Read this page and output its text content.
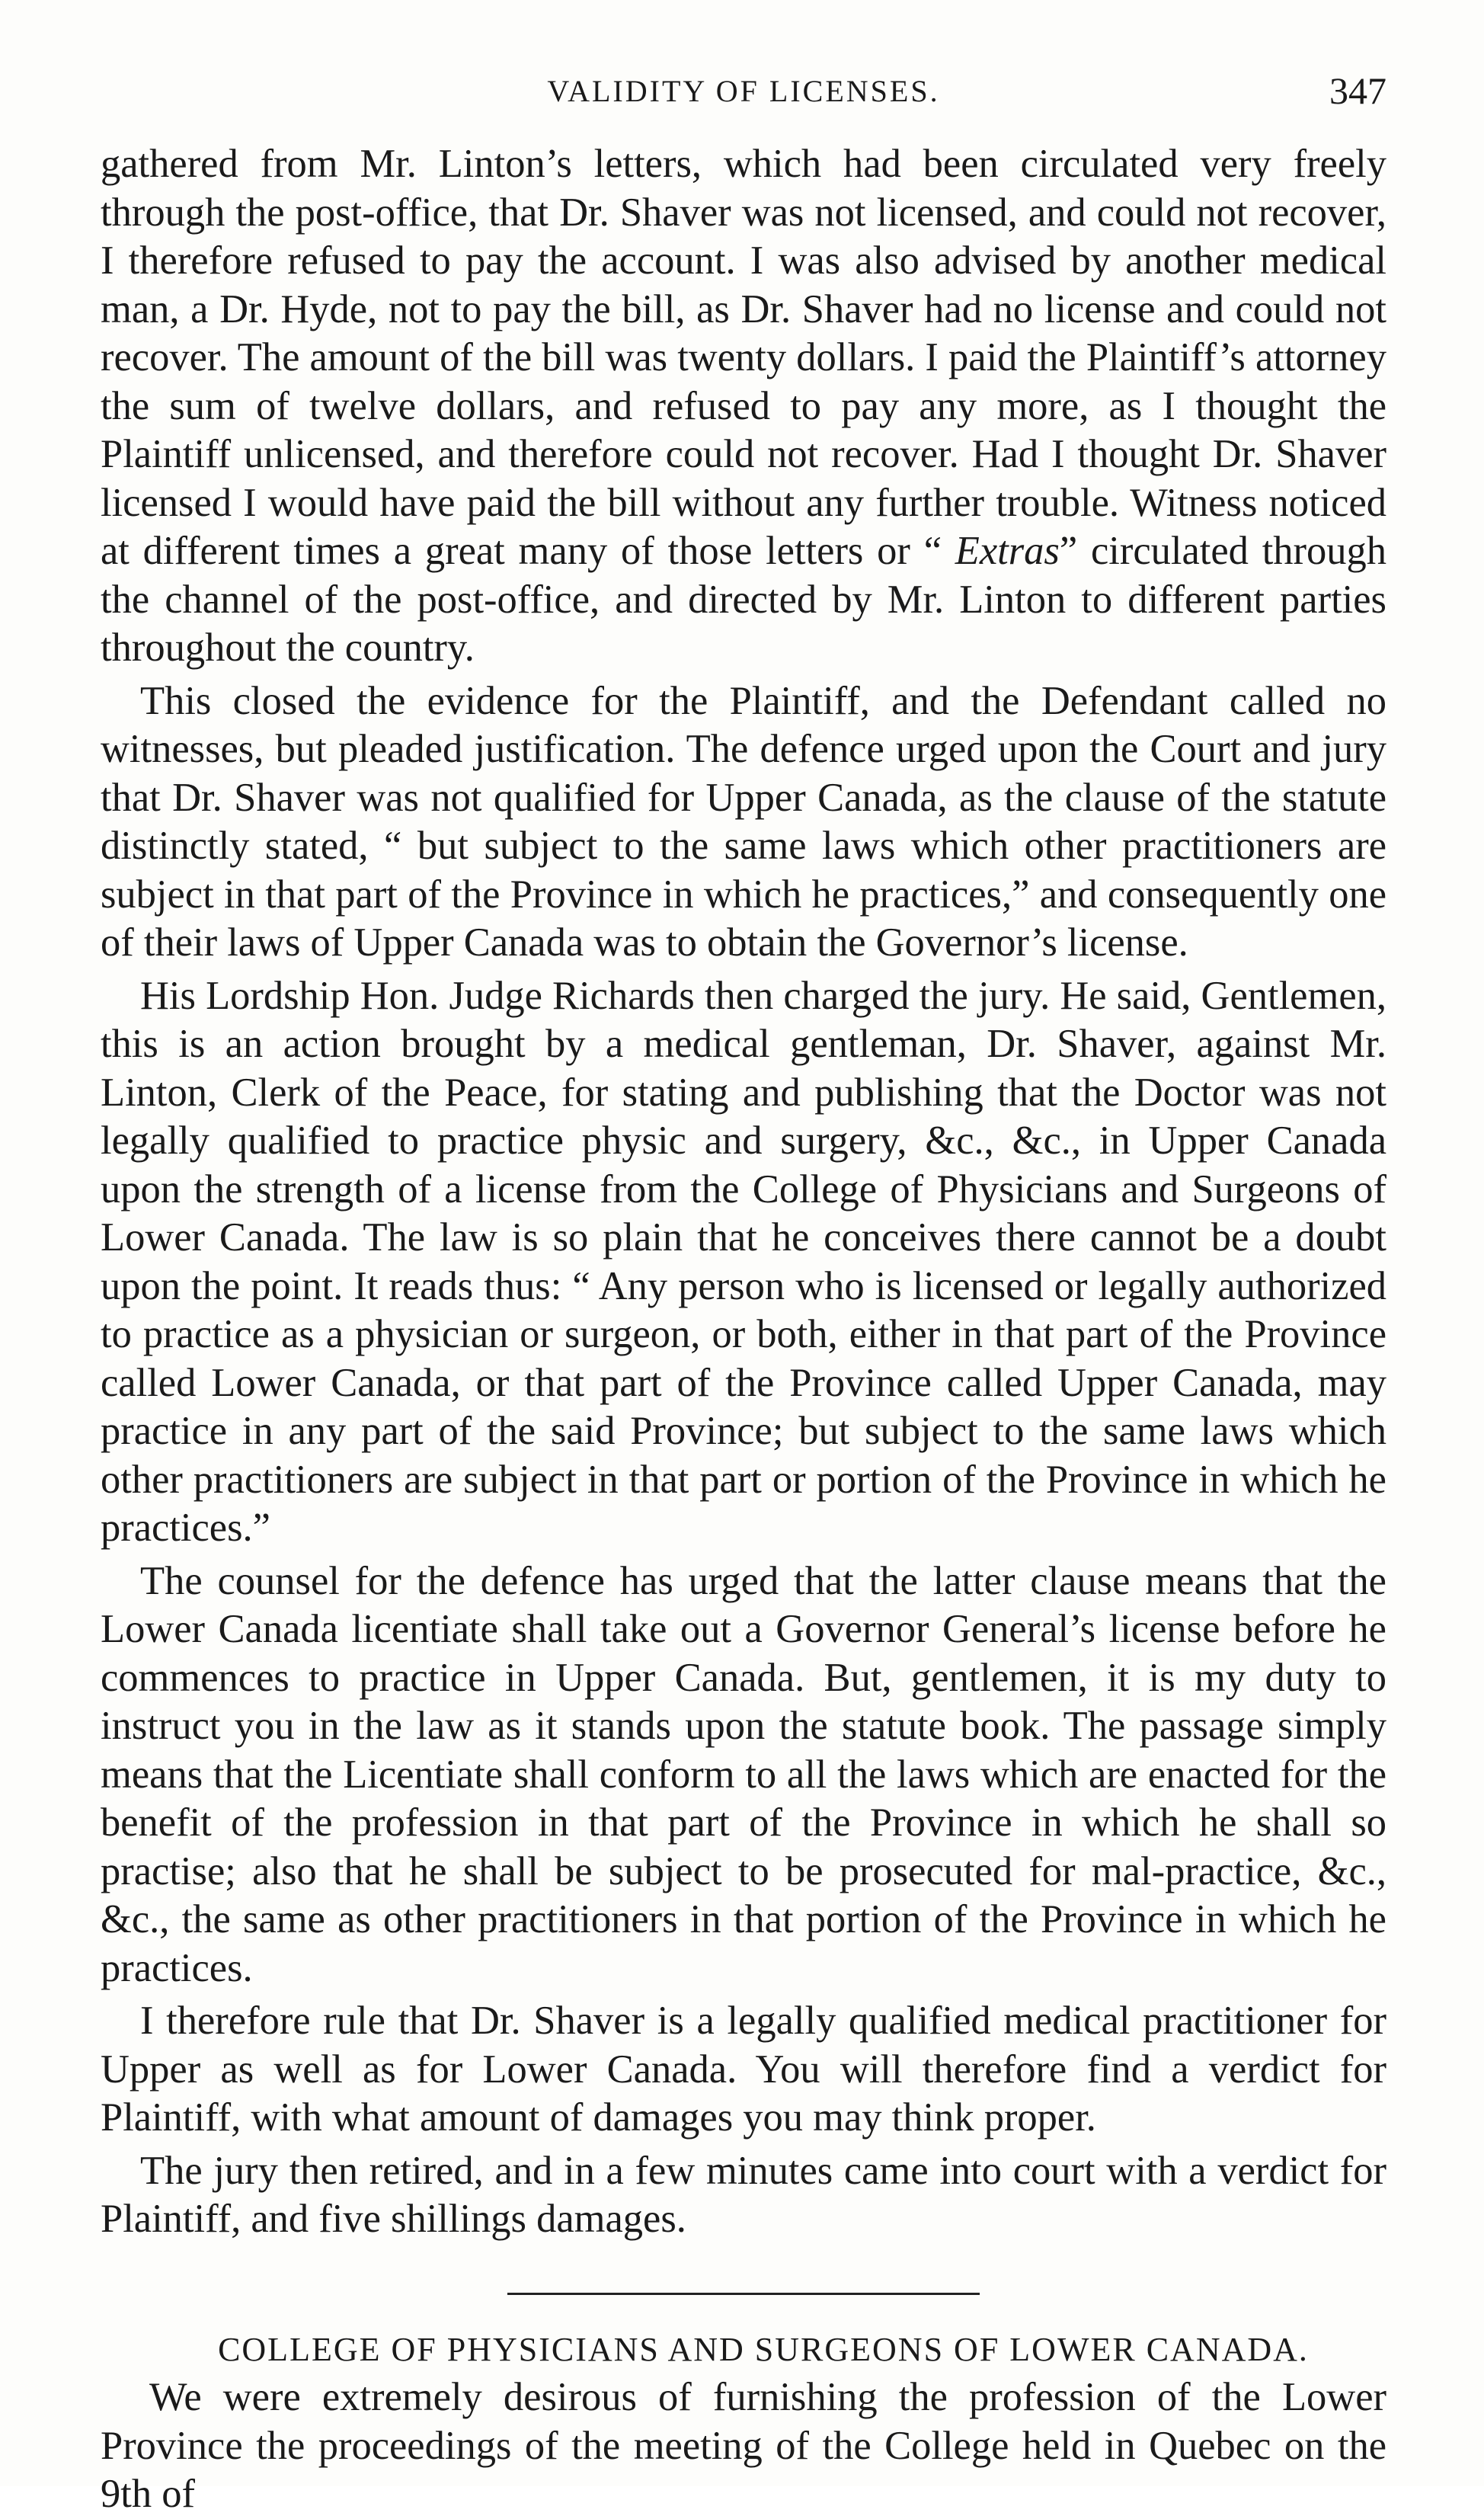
VALIDITY OF LICENSES.	347

gathered from Mr. Linton’s letters, which had been circulated very freely through the post-office, that Dr. Shaver was not licensed, and could not recover, I therefore refused to pay the account. I was also advised by another medical man, a Dr. Hyde, not to pay the bill, as Dr. Shaver had no license and could not recover. The amount of the bill was twenty dollars. I paid the Plaintiff’s attorney the sum of twelve dollars, and refused to pay any more, as I thought the Plaintiff unlicensed, and therefore could not recover. Had I thought Dr. Shaver licensed I would have paid the bill without any further trouble. Witness noticed at different times a great many of those letters or “ Extras” circulated through the channel of the post-office, and directed by Mr. Linton to different parties throughout the country.

This closed the evidence for the Plaintiff, and the Defendant called no witnesses, but pleaded justification. The defence urged upon the Court and jury that Dr. Shaver was not qualified for Upper Canada, as the clause of the statute distinctly stated, “ but subject to the same laws which other practitioners are subject in that part of the Province in which he practices,” and consequently one of their laws of Upper Canada was to obtain the Governor’s license.

His Lordship Hon. Judge Richards then charged the jury. He said, Gentlemen, this is an action brought by a medical gentleman, Dr. Shaver, against Mr. Linton, Clerk of the Peace, for stating and publishing that the Doctor was not legally qualified to practice physic and surgery, &c., &c., in Upper Canada upon the strength of a license from the College of Physicians and Surgeons of Lower Canada. The law is so plain that he conceives there cannot be a doubt upon the point. It reads thus: “ Any person who is licensed or legally authorized to practice as a physician or surgeon, or both, either in that part of the Province called Lower Canada, or that part of the Province called Upper Canada, may practice in any part of the said Province; but subject to the same laws which other practitioners are subject in that part or portion of the Province in which he practices.”

The counsel for the defence has urged that the latter clause means that the Lower Canada licentiate shall take out a Governor General’s license before he commences to practice in Upper Canada. But, gentlemen, it is my duty to instruct you in the law as it stands upon the statute book. The passage simply means that the Licentiate shall conform to all the laws which are enacted for the benefit of the profession in that part of the Province in which he shall so practise; also that he shall be subject to be prosecuted for mal-practice, &c., &c., the same as other practitioners in that portion of the Province in which he practices.

I therefore rule that Dr. Shaver is a legally qualified medical practitioner for Upper as well as for Lower Canada. You will therefore find a verdict for Plaintiff, with what amount of damages you may think proper.

The jury then retired, and in a few minutes came into court with a verdict for Plaintiff, and five shillings damages.

COLLEGE OF PHYSICIANS AND SURGEONS OF LOWER CANADA.

We were extremely desirous of furnishing the profession of the Lower Province the proceedings of the meeting of the College held in Quebec on the 9th of
